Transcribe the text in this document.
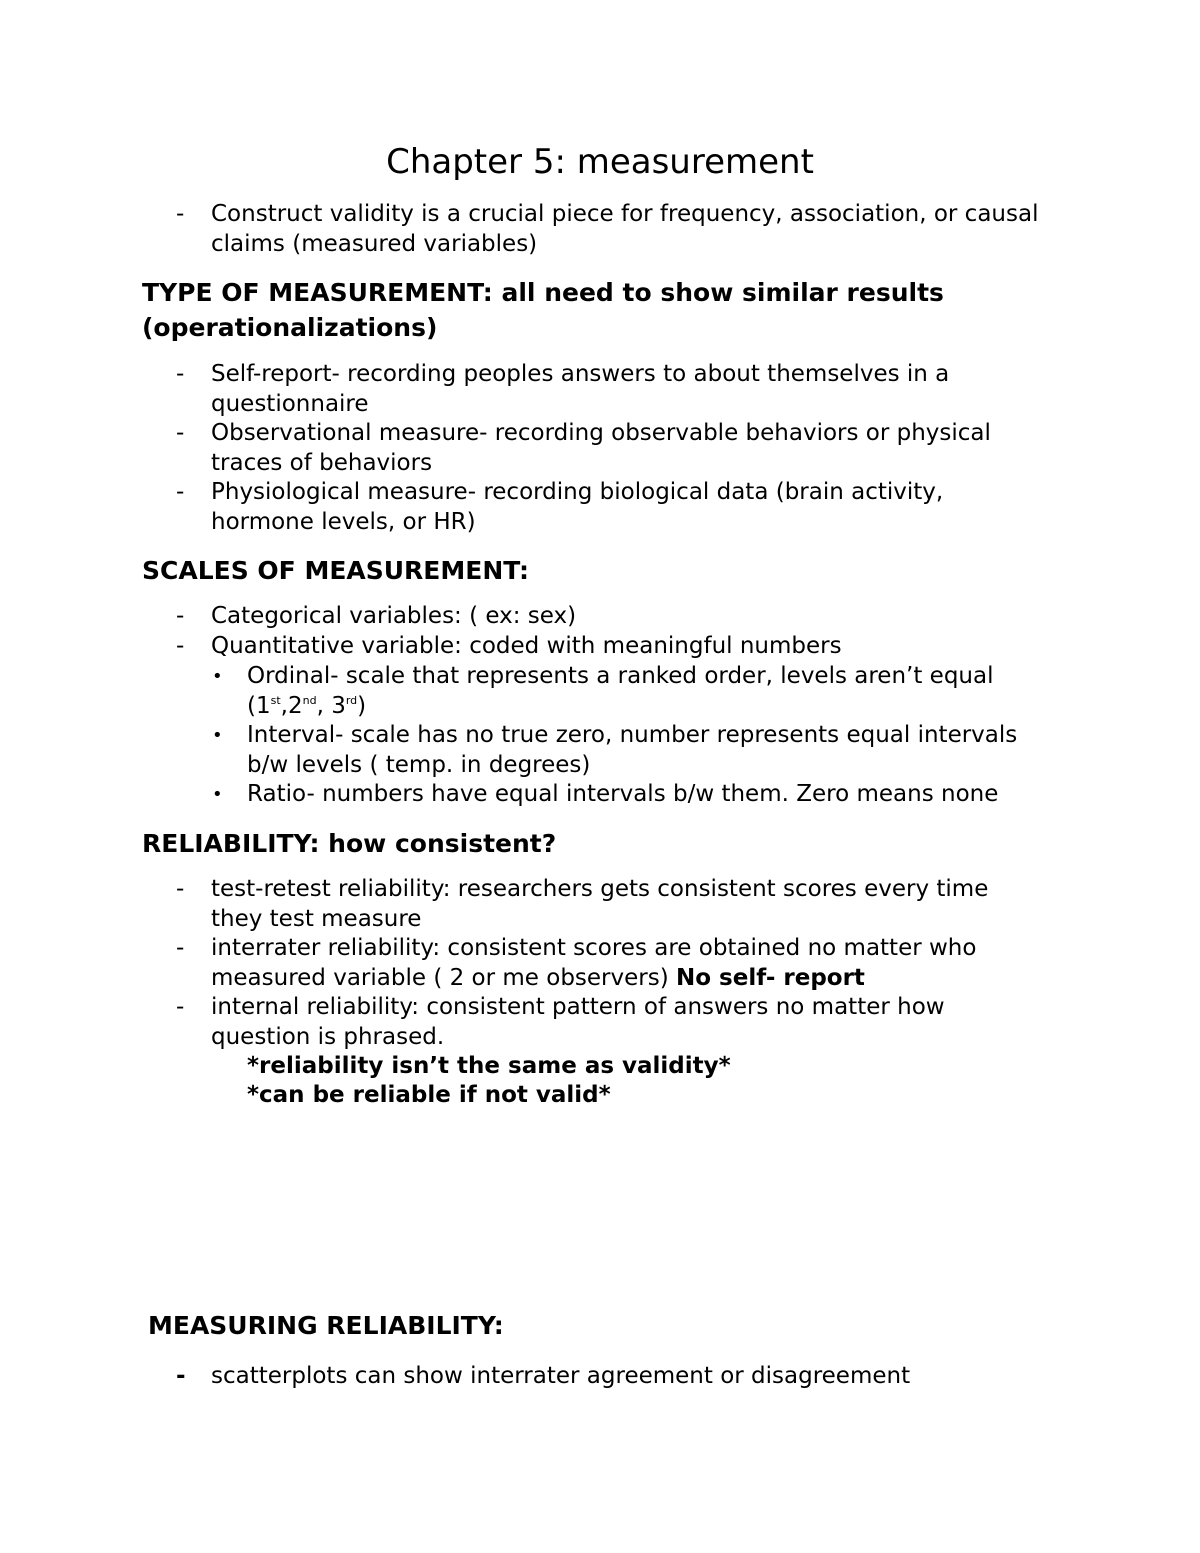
Chapter 5: measurement
- Construct validity is a crucial piece for frequency, association, or causal
claims (measured variables)
TYPE OF MEASUREMENT: all need to show similar results
(operationalizations)
- Self-report- recording peoples answers to about themselves in a
questionnaire
- Observational measure- recording observable behaviors or physical
traces of behaviors
- Physiological measure- recording biological data (brain activity,
hormone levels, or HR)
SCALES OF MEASUREMENT:
- Categorical variables: ( ex: sex)
- Quantitative variable: coded with meaningful numbers
• Ordinal- scale that represents a ranked order, levels aren’t equal
(1st,2nd, 3rd)
• Interval- scale has no true zero, number represents equal intervals
b/w levels ( temp. in degrees)
• Ratio- numbers have equal intervals b/w them. Zero means none
RELIABILITY: how consistent?
- test-retest reliability: researchers gets consistent scores every time
they test measure
- interrater reliability: consistent scores are obtained no matter who
measured variable ( 2 or me observers) No self- report
- internal reliability: consistent pattern of answers no matter how
question is phrased.
*reliability isn’t the same as validity*
*can be reliable if not valid*
MEASURING RELIABILITY:
- scatterplots can show interrater agreement or disagreement
